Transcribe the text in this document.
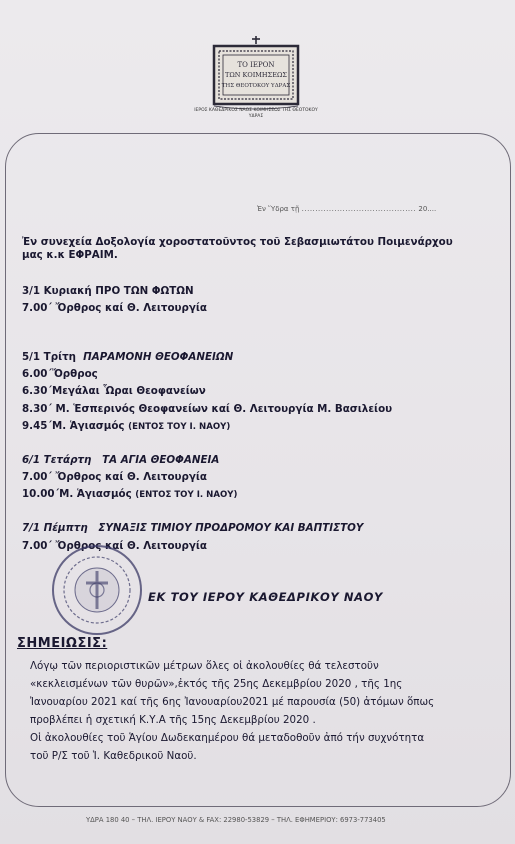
ΤΟ ΙΕΡΟΝ
ΤΩΝ ΚΟΙΜΗΣΕΩΣ
ΤΗΣ ΘΕΟΤΟΚΟΥ ΥΔΡΑΣ
ΙΕΡΟΣ ΚΑΘΕΔΡΙΚΟΣ ΝΑΟΣ ΚΟΙΜΗΣΕΩΣ ΤΗΣ ΘΕΟΤΟΚΟΥ ΥΔΡΑΣ
Ἐν Ὕδρα τῇ .......................................... 20....
Ἐν συνεχεία Δοξολογία χοροστατοῦντος τοῦ Σεβασμιωτάτου Ποιμενάρχου
μας κ.κ ΕΦΡΑΙΜ.
3/1 Κυριακή ΠΡΟ ΤΩΝ ΦΩΤΩΝ
7.00΄ Ὄρθρος καί Θ. Λειτουργία
5/1 Τρίτη ΠΑΡΑΜΟΝΗ ΘΕΟΦΑΝΕΙΩΝ
6.00΄Ὄρθρος
6.30΄Μεγάλαι Ὧραι Θεοφανείων
8.30΄ Μ. Ἑσπερινός Θεοφανείων καί Θ. Λειτουργία Μ. Βασιλείου
9.45΄Μ. Ἁγιασμός (ΕΝΤΟΣ ΤΟΥ Ι. ΝΑΟΥ)
6/1 Τετάρτη ΤΑ ΑΓΙΑ ΘΕΟΦΑΝΕΙΑ
7.00΄ Ὄρθρος καί Θ. Λειτουργία
10.00΄Μ. Ἁγιασμός (ΕΝΤΟΣ ΤΟΥ Ι. ΝΑΟΥ)
7/1 Πέμπτη ΣΥΝΑΞΙΣ ΤΙΜΙΟΥ ΠΡΟΔΡΟΜΟΥ ΚΑΙ ΒΑΠΤΙΣΤΟΥ
7.00΄ Ὄρθρος καί Θ. Λειτουργία
ΕΚ ΤΟΥ ΙΕΡΟΥ ΚΑΘΕΔΡΙΚΟΥ ΝΑΟΥ
ΣΗΜΕΙΩΣΙΣ:
Λόγῳ τῶν περιοριστικῶν μέτρων ὅλες οἱ ἀκολουθίες θά τελεστοῦν
«κεκλεισμένων τῶν θυρῶν»,ἐκτός τῆς 25ης Δεκεμβρίου 2020 , τῆς 1ης
Ἰανουαρίου 2021 καί τῆς 6ης Ἰανουαρίου2021 μέ παρουσία (50) ἀτόμων ὅπως
προβλέπει ἡ σχετική Κ.Υ.Α τῆς 15ης Δεκεμβρίου 2020 .
Οἱ ἀκολουθίες τοῦ Ἁγίου Δωδεκαημέρου θά μεταδοθοῦν ἀπό τήν συχνότητα
τοῦ Ρ/Σ τοῦ Ἱ. Καθεδρικοῦ Ναοῦ.
ΥΔΡΑ 180 40 – ΤΗΛ. ΙΕΡΟΥ ΝΑΟΥ & FAX: 22980-53829 – ΤΗΛ. ΕΦΗΜΕΡΙΟΥ: 6973-773405
